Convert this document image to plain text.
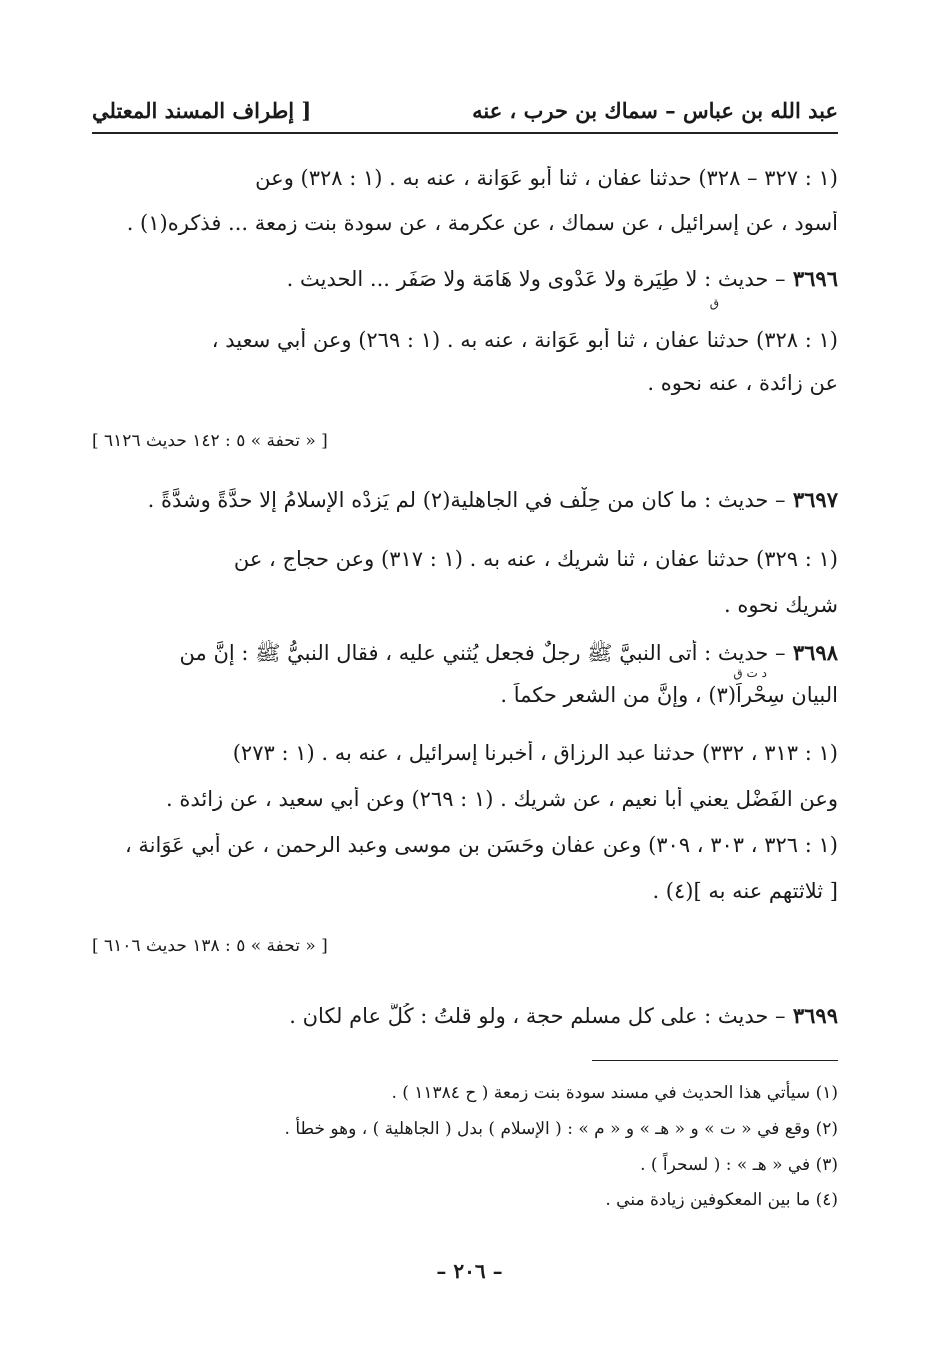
عبد الله بن عباس – سماك بن حرب ، عنه
[ إطراف المسند المعتلي
(١ : ٣٢٧ – ٣٢٨) حدثنا عفان ، ثنا أبو عَوَانة ، عنه به . (١ : ٣٢٨) وعن
أسود ، عن إسرائيل ، عن سماك ، عن عكرمة ، عن سودة بنت زمعة ... فذكره(١) .
٣٦٩٦ – حديث : لا طِيَرة ولا عَدْوى ولا هَامَة ولا صَفَر ... الحديث .
ق
(١ : ٣٢٨) حدثنا عفان ، ثنا أبو عَوَانة ، عنه به . (١ : ٢٦٩) وعن أبي سعيد ،
عن زائدة ، عنه نحوه .
[ « تحفة » ٥ : ١٤٢ حديث ٦١٢٦ ]
٣٦٩٧ – حديث : ما كان من حِلْف في الجاهلية(٢) لم يَزِدْه الإسلامُ إلا حدَّةً وشدَّةً .
(١ : ٣٢٩) حدثنا عفان ، ثنا شريك ، عنه به . (١ : ٣١٧) وعن حجاج ، عن
شريك نحوه .
٣٦٩٨ – حديث : أتى النبيَّ ﷺ رجلٌ فجعل يُثني عليه ، فقال النبيُّ ﷺ : إنَّ من
د ت ق
البيان سِحْراً(٣) ، وإنَّ من الشعر حكماً .
(١ : ٣١٣ ، ٣٣٢) حدثنا عبد الرزاق ، أخبرنا إسرائيل ، عنه به . (١ : ٢٧٣)
وعن الفَضْل يعني أبا نعيم ، عن شريك . (١ : ٢٦٩) وعن أبي سعيد ، عن زائدة .
(١ : ٣٢٦ ، ٣٠٣ ، ٣٠٩) وعن عفان وحَسَن بن موسى وعبد الرحمن ، عن أبي عَوَانة ،
[ ثلاثتهم عنه به ](٤) .
[ « تحفة » ٥ : ١٣٨ حديث ٦١٠٦ ]
٣٦٩٩ – حديث : على كل مسلم حجة ، ولو قلتُ : كُلَّ عام لكان .
(١) سيأتي هذا الحديث في مسند سودة بنت زمعة ( ح ١١٣٨٤ ) .
(٢) وقع في « ت » و « هـ » و « م » : ( الإسلام ) بدل ( الجاهلية ) ، وهو خطأ .
(٣) في « هـ » : ( لسحراً ) .
(٤) ما بين المعكوفين زيادة مني .
– ٢٠٦ –
